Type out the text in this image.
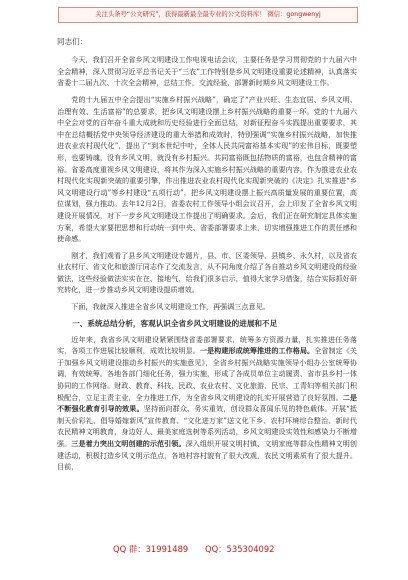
关注头条号“公文研究”，获得最新最全最专业的公文资料库！ 微信：gongwenyj

同志们：

今天，我们召开全省乡风文明建设工作电视电话会议，主要任务是学习贯彻党的十九届六中全会精神，深入贯彻习近平总书记关于“三农”工作特别是乡风文明建设重要论述精神，认真落实省委十二届九次、十次全会精神，总结工作，交流经验，部署新时期乡风文明建设工作。

党的十九届五中全会提出“实施乡村振兴战略”，确定了“产业兴旺、生态宜居、乡风文明、治理有效、生活富裕”的总要求，把乡风文明建设摆上乡村振兴战略的重要一环。党的十九届六中全会对党的百年奋斗重大成就和历史经验进行全面总结，对新征程奋斗实践提出重要要求，其中在总结概括党中央领导经济建设的重大举措和成效时，特别强调“实施乡村振兴战略，加快推进农业农村现代化”，提出了“到本世纪中叶，全体人民共同富裕基本实现”的宏伟目标，既要塑形，也要铸魂，没有乡风文明，就没有乡村振兴。共同富裕既包括物质的富裕，也包含精神的富裕。省委高度重视乡风文明建设，将其作为深入实施乡村振兴战略的重要内容。作为推进农业农村现代化实现新突破的重要引擎，作出推进农业农村现代化实现新突破的《决定》扎实推进“乡风文明建设行动”等乡村建设“五项行动”，把乡风文明建设摆上振兴高质量发展的重要位置，高位谋划，强力推动。去年12月2日，省委农村工作领导小组会议召开，会上印发了全省乡风文明建设开展情况，对下一步乡风文明建设工作提出了明确要求。会后，我们正在研究制定具体实施方案，希望大家要把思想和行动统一到中央、省委部署要求上来，切实增强推进工作的责任感和使命感。

刚才，我们观看了县乡风文明建设专题片，县、市、区委领导、县镇乡、永久村，以及省农业农村厅、省文化和旅游厅同志作了交流发言，从不同角度介绍了各自推动乡风文明建设的经验做法，这些经验做法实实在在、接地气，给我们很多启示，值得大家学习借鉴，结合实际抓好研究转化，进一步推动乡风文明建设提质增效。

下面，我就深入推进全省乡风文明建设工作，再强调三点意见。

一、系统总结分析，客观认识全省乡风文明建设的进展和不足

近年来，我省乡风文明建设紧紧围绕省委部署要求，统筹多方资源力量，扎实推进任务落实，各项工作进展比较顺利，成效比较明显。一是构建形成统筹推进的工作格局。全省制定《关于加强乡风文明建设推动乡村振兴的实施意见》，全省乡村振兴战略实施领导小组办公室统筹协调，有效统筹。各地各部门细化任务，强力实施，形成了各成员单位主动履责、省市县乡村一体协同的工作网络。财政、教育、科技、民政、农业农村、文化旅游、民宗、工青妇等相关部门积极配合，立足主责主业，全力推进工作，为全省乡风文明建设的扎实开展营造了良好氛围。二是不断强化教育引导的效果。坚持面向群众、务实重效，创设群众喜闻乐见的特色载体。开展“抵制天价彩礼、倡导婚嫁新风”宣传教育、“文化进万家”送文化下乡、农村环境综合整治、新时代农民精神文明教育，身边好人、最美家庭选树等系列活动，乡风文明建设实效性和感染力不断增强。三是着力突出文明创建的示范引领。深入组织开展文明村镇、文明家庭等群众性精神文明创建活动，积极打造乡风文明示范点，各地村容村貌有了很大改观，农民文明素质有了很大提升。目前，

QQ 群：31991489 QQ：535304092
